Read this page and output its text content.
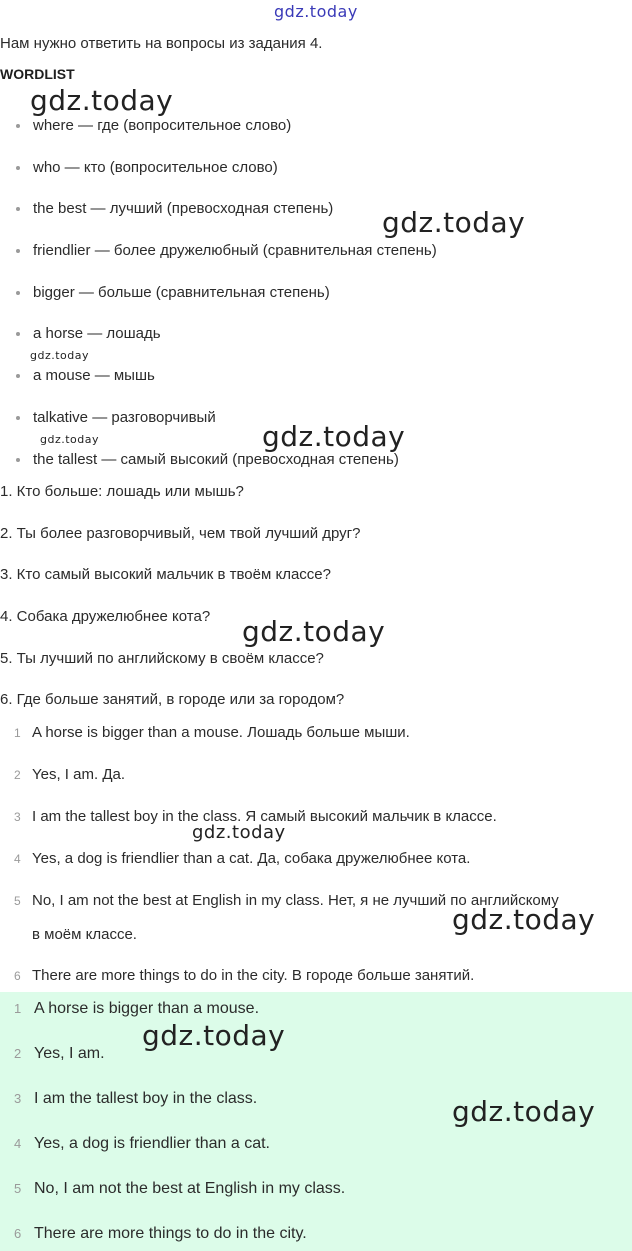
gdz.today
Нам нужно ответить на вопросы из задания 4.
WORDLIST
where — где (вопросительное слово)
who — кто (вопросительное слово)
the best — лучший (превосходная степень)
friendlier — более дружелюбный (сравнительная степень)
bigger — больше (сравнительная степень)
a horse — лошадь
a mouse — мышь
talkative — разговорчивый
the tallest — самый высокий (превосходная степень)
1. Кто больше: лошадь или мышь?
2. Ты более разговорчивый, чем твой лучший друг?
3. Кто самый высокий мальчик в твоём классе?
4. Собака дружелюбнее кота?
5. Ты лучший по английскому в своём классе?
6. Где больше занятий, в городе или за городом?
1 A horse is bigger than a mouse. Лошадь больше мыши.
2 Yes, I am. Да.
3 I am the tallest boy in the class. Я самый высокий мальчик в классе.
4 Yes, a dog is friendlier than a cat. Да, собака дружелюбнее кота.
5 No, I am not the best at English in my class. Нет, я не лучший по английскому
в моём классе.
6 There are more things to do in the city. В городе больше занятий.
1 A horse is bigger than a mouse.
2 Yes, I am.
3 I am the tallest boy in the class.
4 Yes, a dog is friendlier than a cat.
5 No, I am not the best at English in my class.
6 There are more things to do in the city.
gdz.today
gdz.today
gdz.today
gdz.today	gdz.today
gdz.today
gdz.today
gdz.today
gdz.today
gdz.today
